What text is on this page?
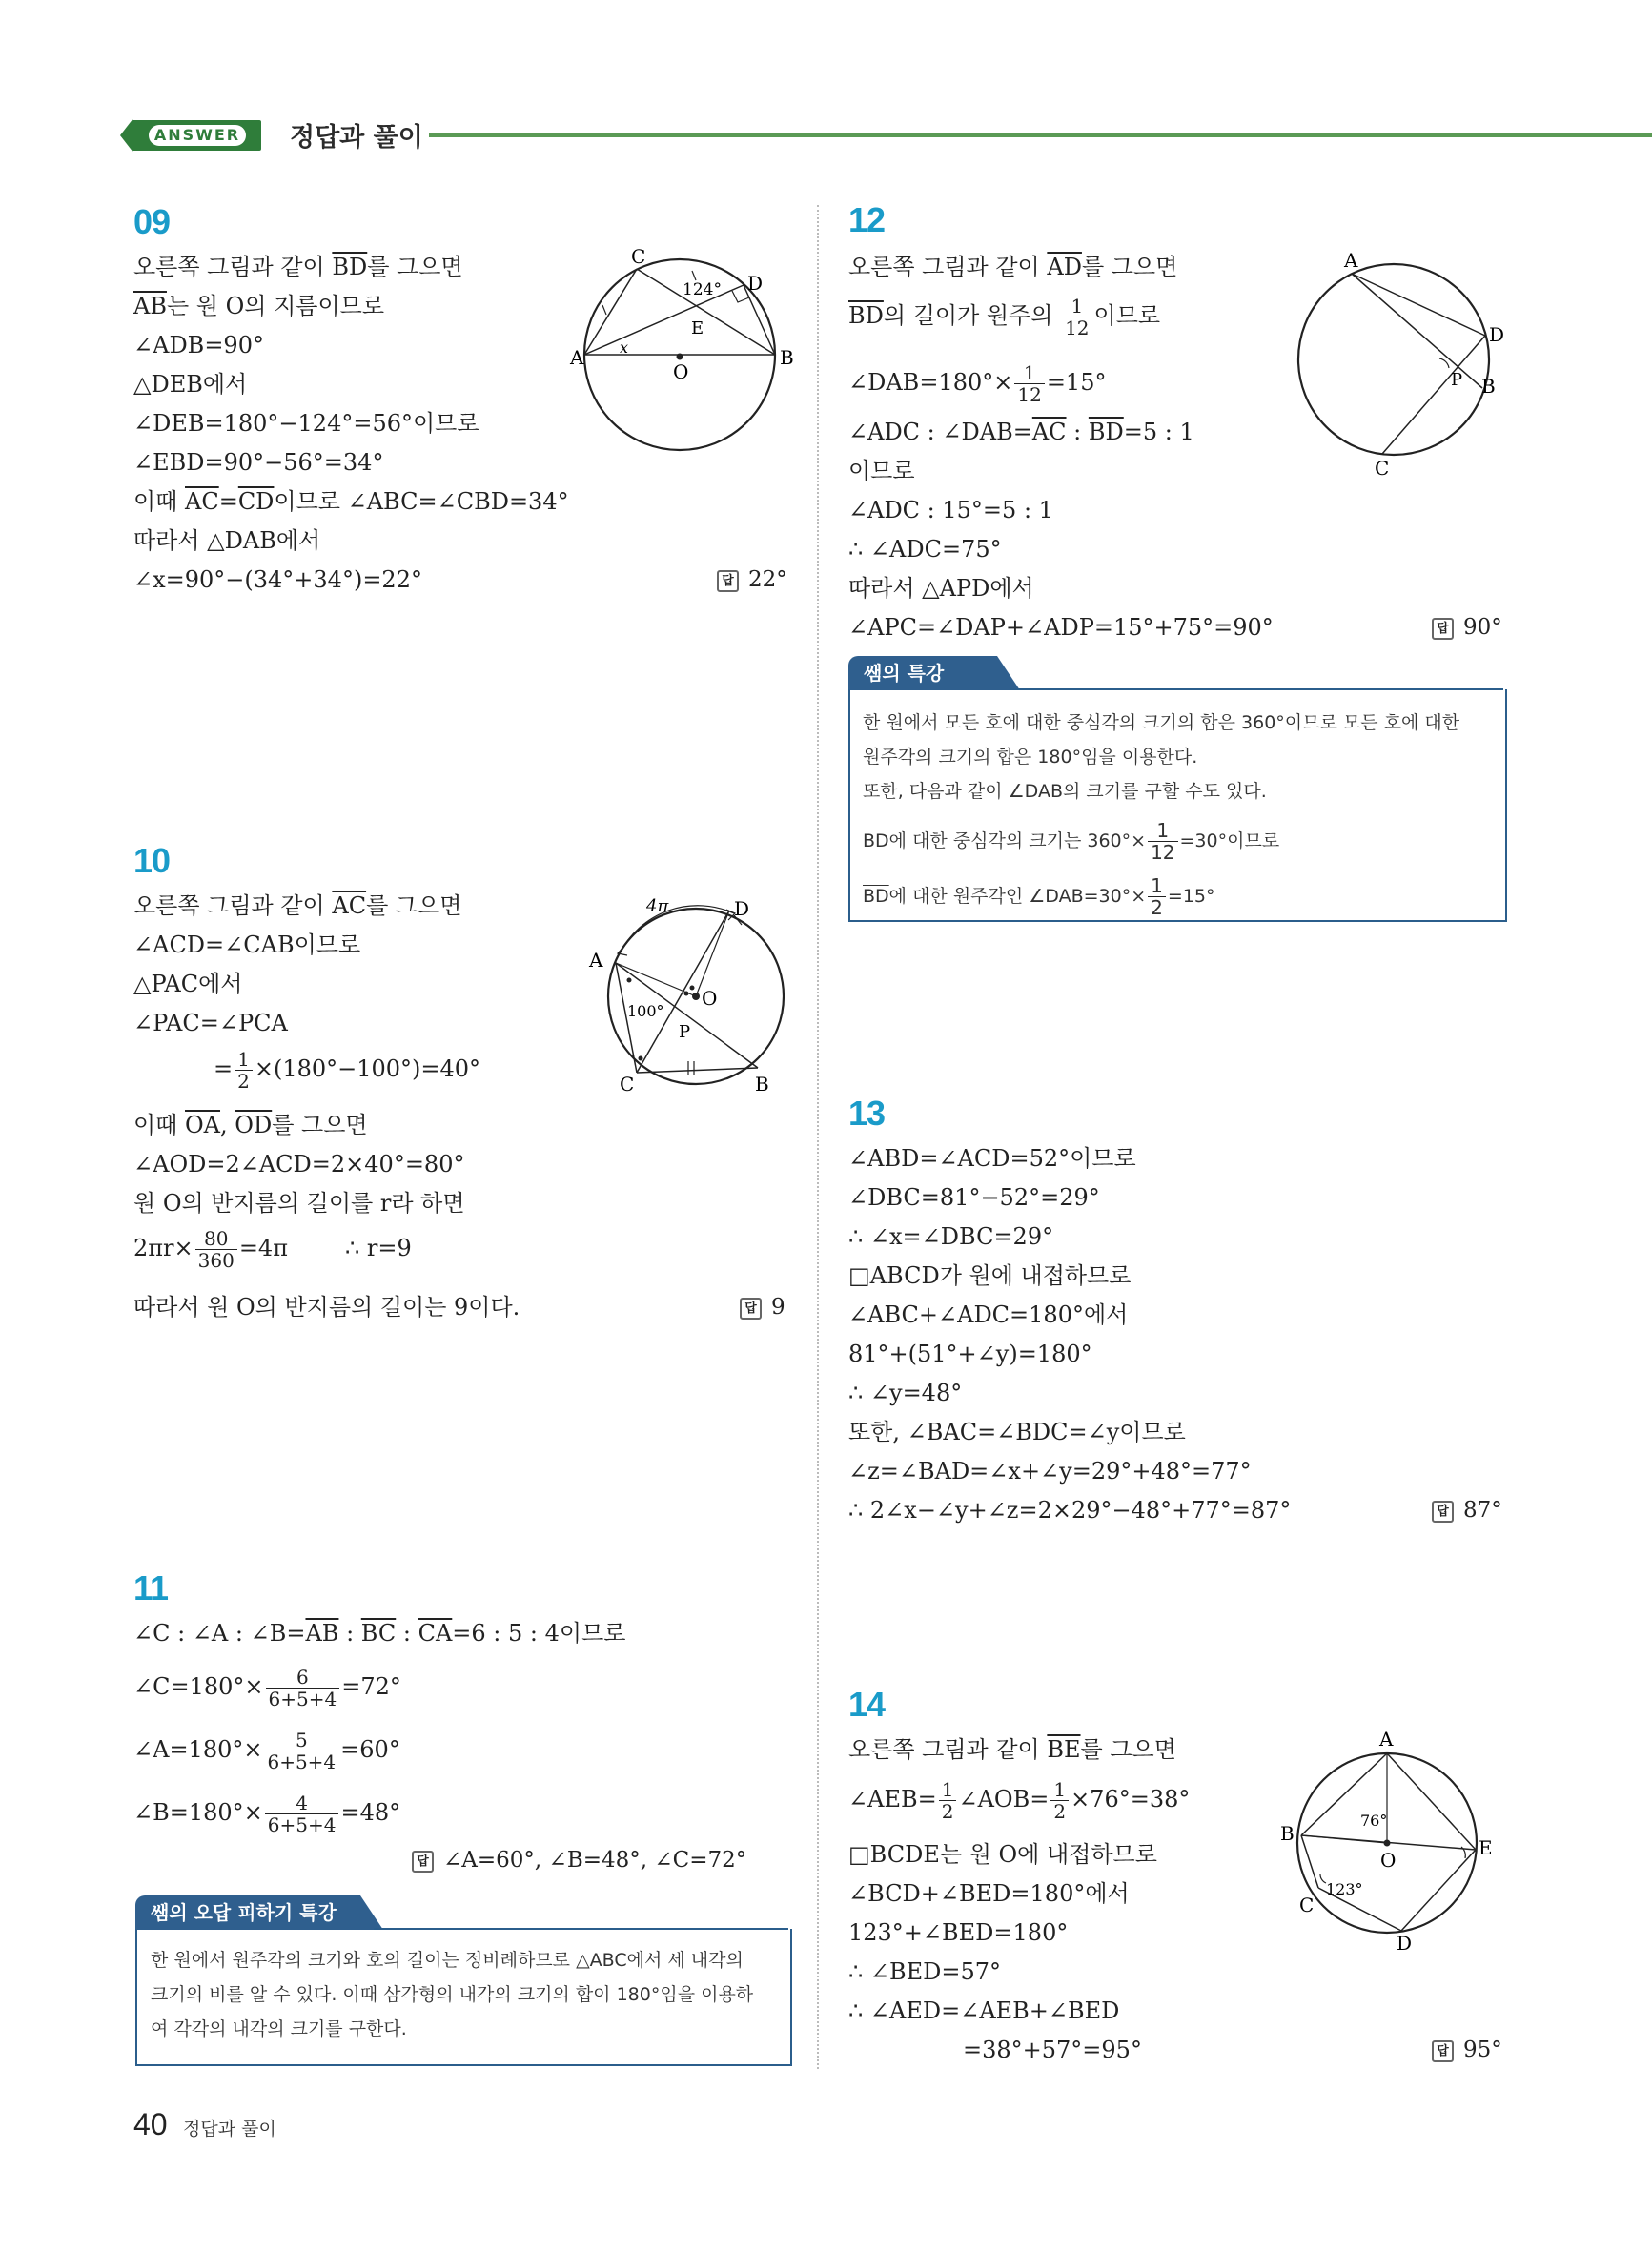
ANSWER 정답과 풀이
09
오른쪽 그림과 같이 $\overline{BD}$를 그으면
$\overline{AB}$는 원 O의 지름이므로
∠ADB=90°
△DEB에서
∠DEB=180°−124°=56°이므로
∠EBD=90°−56°=34°
이때 $\overline{AC}=\overline{CD}$이므로 ∠ABC=∠CBD=34°
따라서 △DAB에서
∠x=90°−(34°+34°)=22°	답 22°
C
D
A	B
O
E
x
124°
10
오른쪽 그림과 같이 $\overline{AC}$를 그으면
∠ACD=∠CAB이므로
△PAC에서
∠PAC=∠PCA
= $\frac{1}{2} \times(180^\circ-100^\circ)=40^\circ$
이때 $\overline{OA}$, $\overline{OD}$를 그으면
∠AOD=2∠ACD=2×40°=80°
원 O의 반지름의 길이를 r라 하면
$2\pi r\times \frac{80}{360} =4\pi$	∴ r=9
따라서 원 O의 반지름의 길이는 9이다.	답 9
4π	D
A
O
P
C	B
100°
11
∠C : ∠A : $\angle B=\overline{AB}$ : $\overline{BC}$ : $\overline{CA}=6$ : 5 : 4이므로
∠C=180°× $\frac{6}{6+5+4} =72^\circ$
∠A=180°× $\frac{5}{6+5+4} =60^\circ$
∠B=180°× $\frac{4}{6+5+4} =48^\circ$
답 ∠A=60°, ∠B=48°, ∠C=72°
쌤의 오답 피하기 특강
한 원에서 원주각의 크기와 호의 길이는 정비례하므로 △ABC에서 세 내각의
크기의 비를 알 수 있다. 이때 삼각형의 내각의 크기의 합이 180°임을 이용하
여 각각의 내각의 크기를 구한다.
12
오른쪽 그림과 같이 $\overline{AD}$를 그으면
$\overline{BD}$의 길이가 원주의 $\frac{1}{12}$ 이므로
∠DAB=180°× $\frac{1}{12} =15^\circ$
∠ADC : $\angle DAB=\overline{AC}$ : $\overline{BD}=5$ : 1
이므로
∠ADC : 15°=5 : 1
∴ ∠ADC=75°
따라서 △APD에서
∠APC=∠DAP+∠ADP=15°+75°=90°	답 90°
A
D
P B
C
쌤의 특강
한 원에서 모든 호에 대한 중심각의 크기의 합은 360°이므로 모든 호에 대한
원주각의 크기의 합은 180°임을 이용한다.
또한, 다음과 같이 ∠DAB의 크기를 구할 수도 있다.
$\overline{BD}$에 대한 중심각의 크기는 $360^\circ\times \frac{1}{12} =30^\circ$이므로
$\overline{BD}$에 대한 원주각인 ∠DAB=30°× $\frac{1}{2} =15^\circ$
13
∠ABD=∠ACD=52°이므로
∠DBC=81°−52°=29°
∴ ∠x=∠DBC=29°
□ABCD가 원에 내접하므로
∠ABC+∠ADC=180°에서
81°+(51°+∠y)=180°
∴ ∠y=48°
또한, ∠BAC=∠BDC=∠y이므로
∠z=∠BAD=∠x+∠y=29°+48°=77°
∴ 2∠x−∠y+∠z=2×29°−48°+77°=87°	답 87°
14
오른쪽 그림과 같이 $\overline{BE}$를 그으면
∠AEB= $\frac{1}{2}$ ∠AOB= $\frac{1}{2} \times 76^\circ=38^\circ$
□BCDE는 원 O에 내접하므로
∠BCD+∠BED=180°에서
123°+∠BED=180°
∴ ∠BED=57°
∴ ∠AED=∠AEB+∠BED
=38°+57°=95°	답 95°
A
B
E
O
C
D
76°
123°
40 정답과 풀이
